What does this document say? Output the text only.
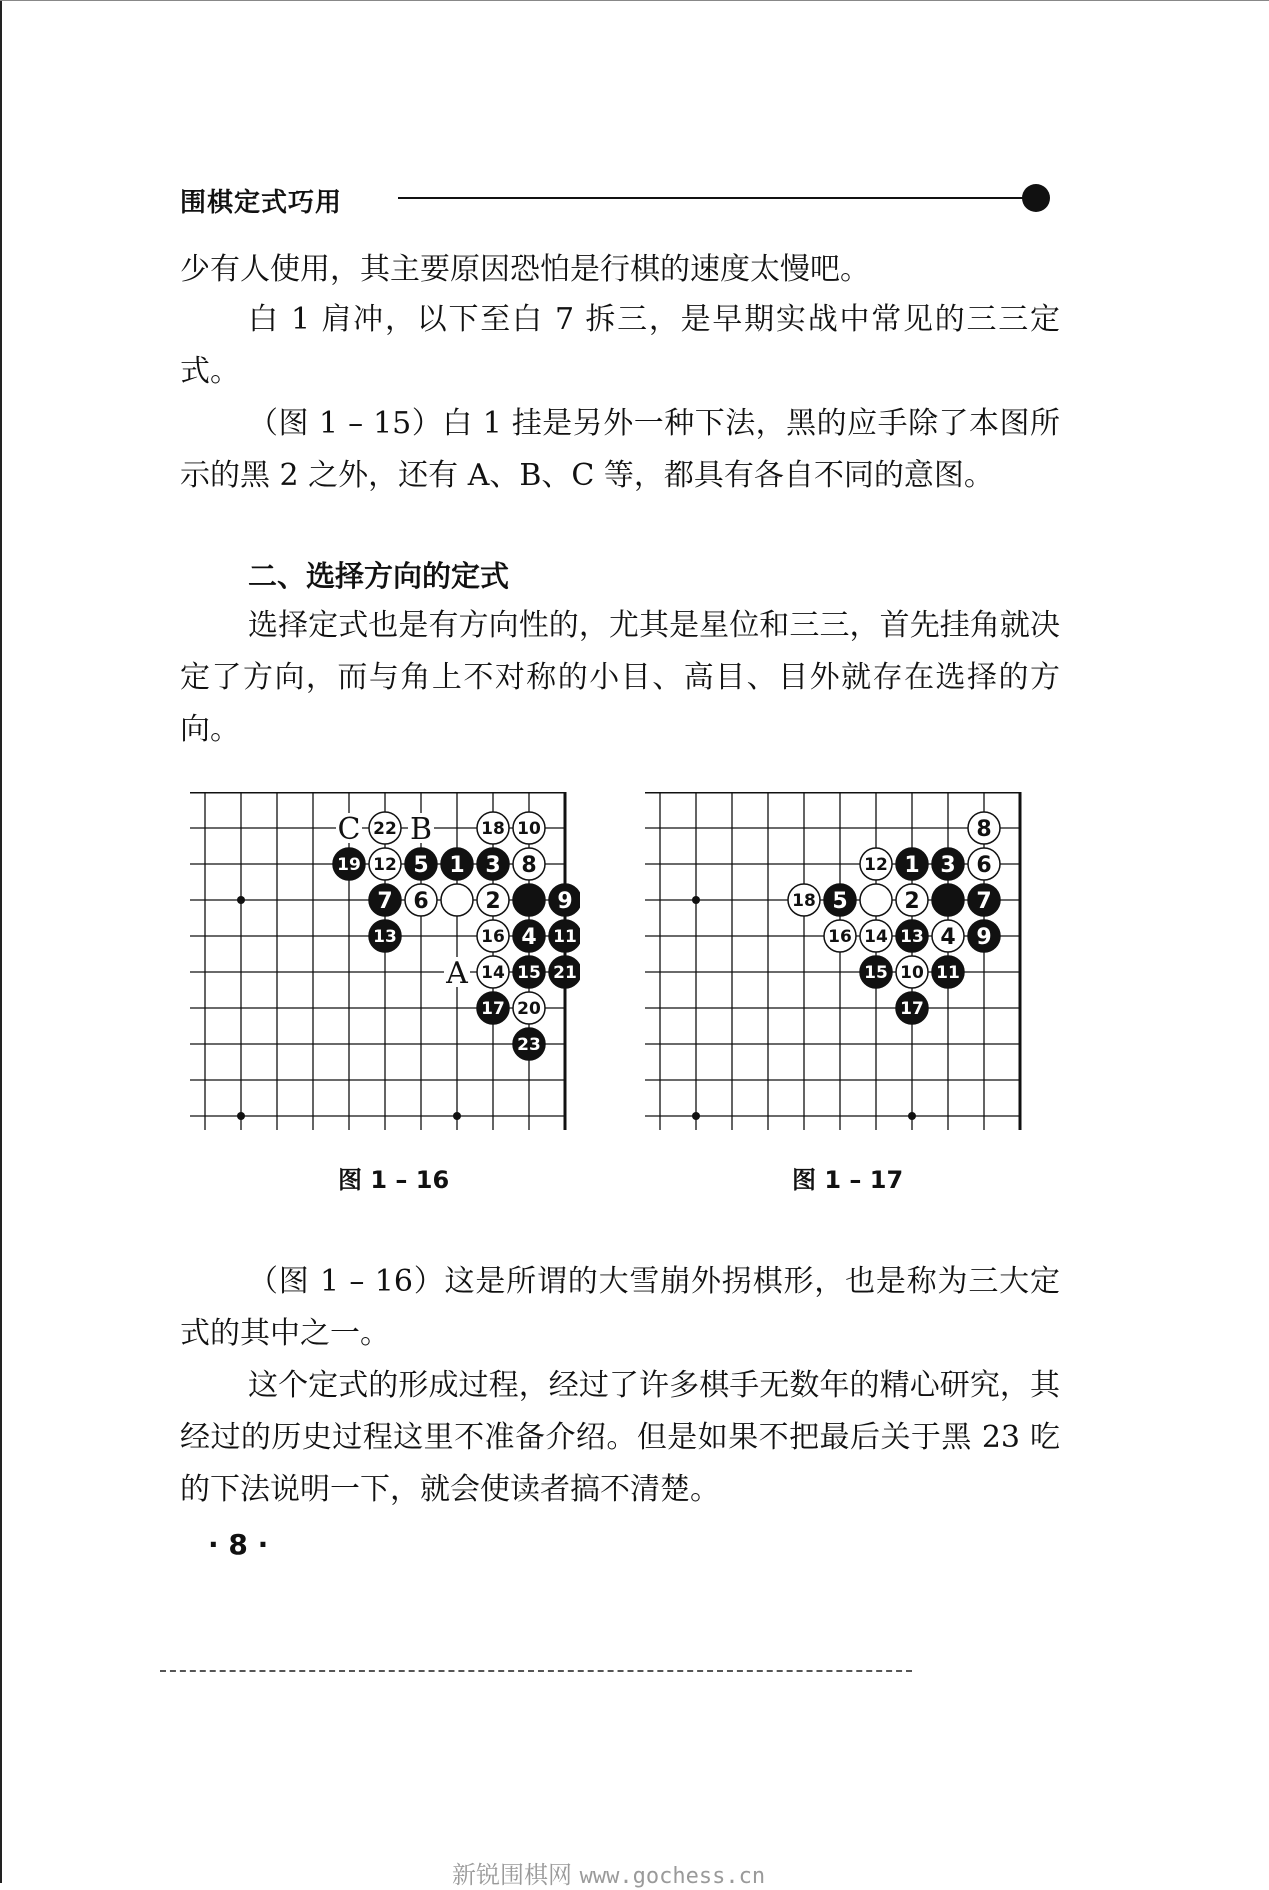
围棋定式巧用

少有人使用，其主要原因恐怕是行棋的速度太慢吧。

白 1 肩冲，以下至白 7 拆三，是早期实战中常见的三三定式。

（图 1 – 15）白 1 挂是另外一种下法，黑的应手除了本图所示的黑 2 之外，还有 A、B、C 等，都具有各自不同的意图。

二、选择方向的定式

选择定式也是有方向性的，尤其是星位和三三，首先挂角就决定了方向，而与角上不对称的小目、高目、目外就存在选择的方向。

C 22 B	18 10
19 12 5 1 3 8
7 6	2	9
13	16 4 11
A 14 15 21
17 20
23
8
12 1 3 6
18 5	2	7
16 14 13 4 9
15 10 11
17
图 1 – 16	图 1 – 17

（图 1 – 16）这是所谓的大雪崩外拐棋形，也是称为三大定式的其中之一。

这个定式的形成过程，经过了许多棋手无数年的精心研究，其经过的历史过程这里不准备介绍。但是如果不把最后关于黑 23 吃的下法说明一下，就会使读者搞不清楚。

· 8 ·
新锐围棋网 www.gochess.cn
